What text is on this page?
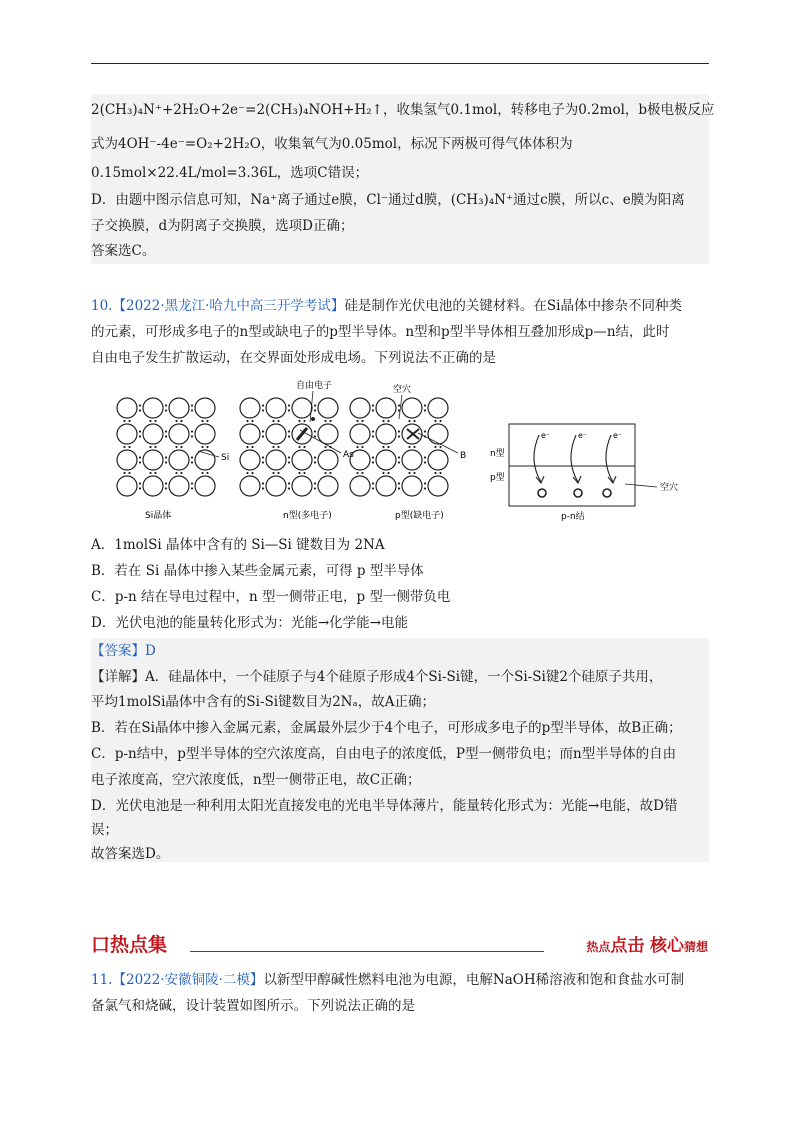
2(CH₃)₄N⁺+2H₂O+2e⁻=2(CH₃)₄NOH+H₂↑，收集氢气0.1mol，转移电子为0.2mol，b极电极反应
式为4OH⁻-4e⁻=O₂+2H₂O，收集氧气为0.05mol，标况下两极可得气体体积为
0.15mol×22.4L/mol=3.36L，选项C错误；
D．由题中图示信息可知，Na⁺离子通过e膜，Cl⁻通过d膜，(CH₃)₄N⁺通过c膜，所以c、e膜为阳离
子交换膜，d为阴离子交换膜，选项D正确；
答案选C。
10.【2022·黑龙江·哈九中高三开学考试】硅是制作光伏电池的关键材料。在Si晶体中掺杂不同种类
的元素，可形成多电子的n型或缺电子的p型半导体。n型和p型半导体相互叠加形成p—n结，此时
自由电子发生扩散运动，在交界面处形成电场。下列说法不正确的是
Si
自由电子
As
空穴
B
Si晶体	n型(多电子)	p型(缺电子)
n型
p型
空穴
p-n结
e⁻	e⁻	e⁻
A．1molSi 晶体中含有的 Si—Si 键数目为 2NA
B．若在 Si 晶体中掺入某些金属元素，可得 p 型半导体
C．p-n 结在导电过程中，n 型一侧带正电，p 型一侧带负电
D．光伏电池的能量转化形式为：光能→化学能→电能
【答案】D
【详解】A．硅晶体中，一个硅原子与4个硅原子形成4个Si-Si键，一个Si-Si键2个硅原子共用，
平均1molSi晶体中含有的Si-Si键数目为2Nₐ，故A正确；
B．若在Si晶体中掺入金属元素，金属最外层少于4个电子，可形成多电子的p型半导体，故B正确；
C．p-n结中，p型半导体的空穴浓度高，自由电子的浓度低，P型一侧带负电；而n型半导体的自由
电子浓度高，空穴浓度低，n型一侧带正电，故C正确；
D．光伏电池是一种利用太阳光直接发电的光电半导体薄片，能量转化形式为：光能→电能，故D错
误；
故答案选D。
口热点集	热点点击 核心猜想
11.【2022·安徽铜陵·二模】以新型甲醇碱性燃料电池为电源，电解NaOH稀溶液和饱和食盐水可制
备氯气和烧碱，设计装置如图所示。下列说法正确的是
